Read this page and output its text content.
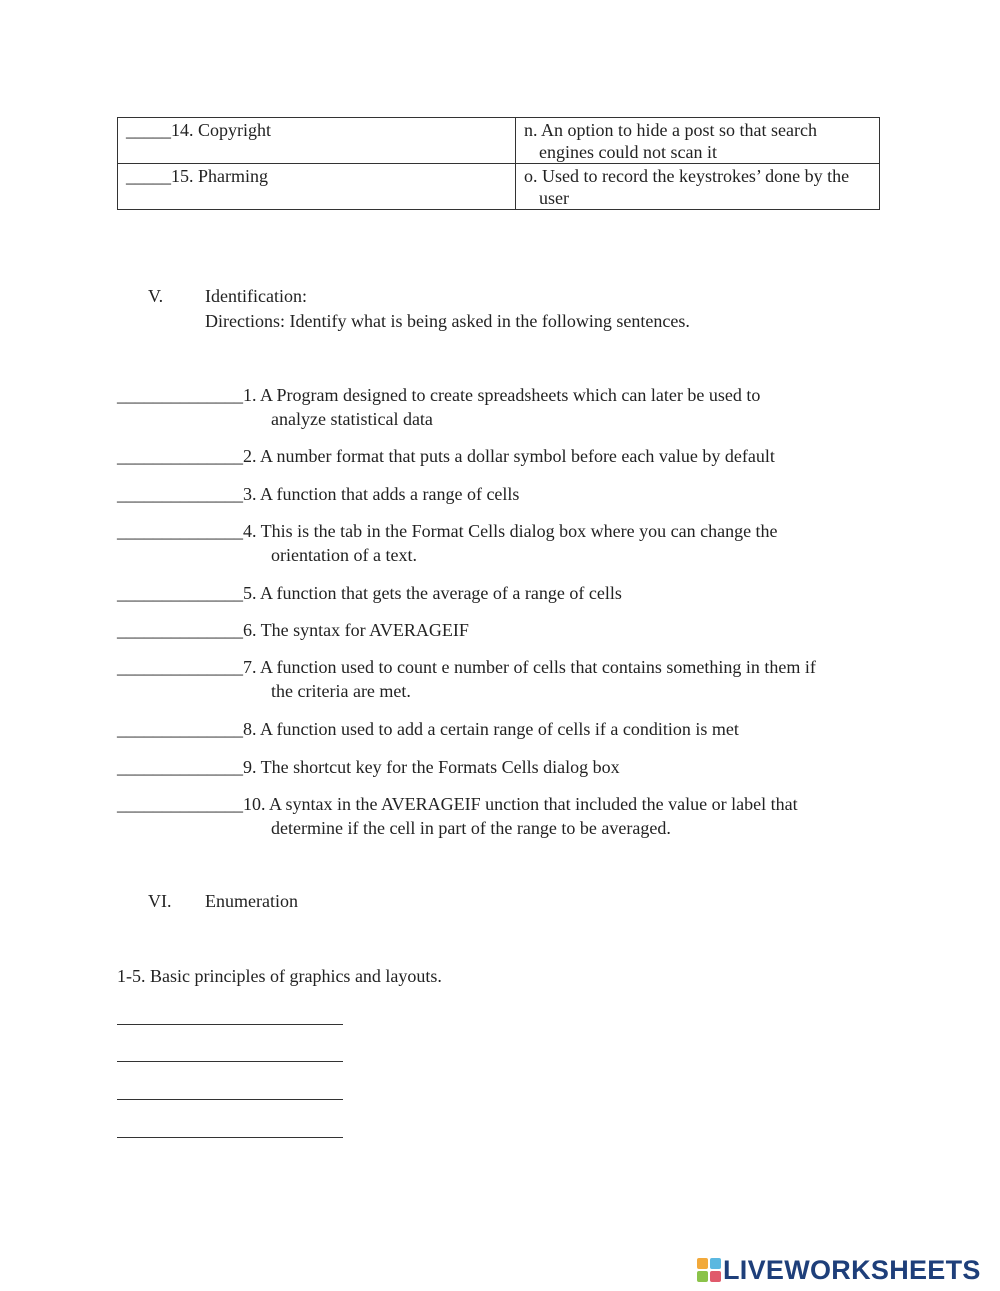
_____14. Copyright	n. An option to hide a post so that search
engines could not scan it

_____15. Pharming	o. Used to record the keystrokes’ done by the
user
V. Identification:
Directions: Identify what is being asked in the following sentences.
______________1. A Program designed to create spreadsheets which can later be used to
analyze statistical data
______________2. A number format that puts a dollar symbol before each value by default
______________3. A function that adds a range of cells
______________4. This is the tab in the Format Cells dialog box where you can change the
orientation of a text.
______________5. A function that gets the average of a range of cells
______________6. The syntax for AVERAGEIF
______________7. A function used to count e number of cells that contains something in them if
the criteria are met.
______________8. A function used to add a certain range of cells if a condition is met
______________9. The shortcut key for the Formats Cells dialog box
______________10. A syntax in the AVERAGEIF unction that included the value or label that
determine if the cell in part of the range to be averaged.
VI. Enumeration
1-5. Basic principles of graphics and layouts.
LIVEWORKSHEETS
